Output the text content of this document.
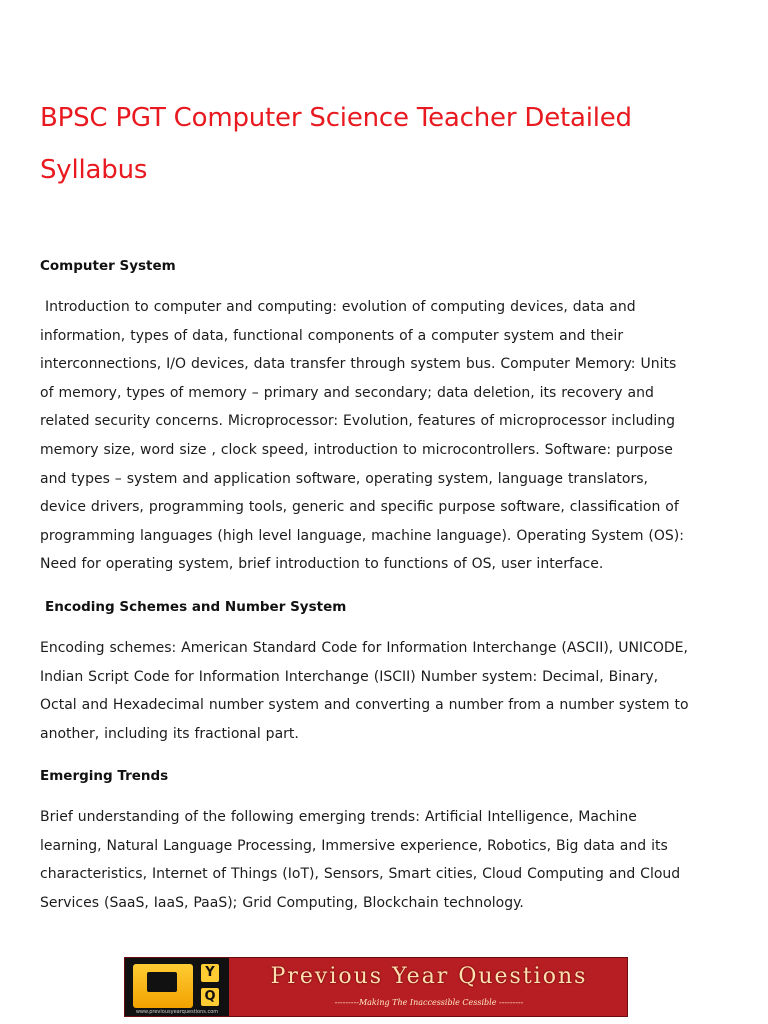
BPSC PGT Computer Science Teacher Detailed Syllabus

Computer System

Introduction to computer and computing: evolution of computing devices, data and information, types of data, functional components of a computer system and their interconnections, I/O devices, data transfer through system bus. Computer Memory: Units of memory, types of memory – primary and secondary; data deletion, its recovery and related security concerns. Microprocessor: Evolution, features of microprocessor including memory size, word size , clock speed, introduction to microcontrollers. Software: purpose and types – system and application software, operating system, language translators, device drivers, programming tools, generic and specific purpose software, classification of programming languages (high level language, machine language). Operating System (OS): Need for operating system, brief introduction to functions of OS, user interface.

Encoding Schemes and Number System

Encoding schemes: American Standard Code for Information Interchange (ASCII), UNICODE, Indian Script Code for Information Interchange (ISCII) Number system: Decimal, Binary, Octal and Hexadecimal number system and converting a number from a number system to another, including its fractional part.

Emerging Trends

Brief understanding of the following emerging trends: Artificial Intelligence, Machine learning, Natural Language Processing, Immersive experience, Robotics, Big data and its characteristics, Internet of Things (IoT), Sensors, Smart cities, Cloud Computing and Cloud Services (SaaS, IaaS, PaaS); Grid Computing, Blockchain technology.

Y
Q
www.previousyearquestions.com
Previous Year Questions
---------Making The Inaccessible Cessible ---------
